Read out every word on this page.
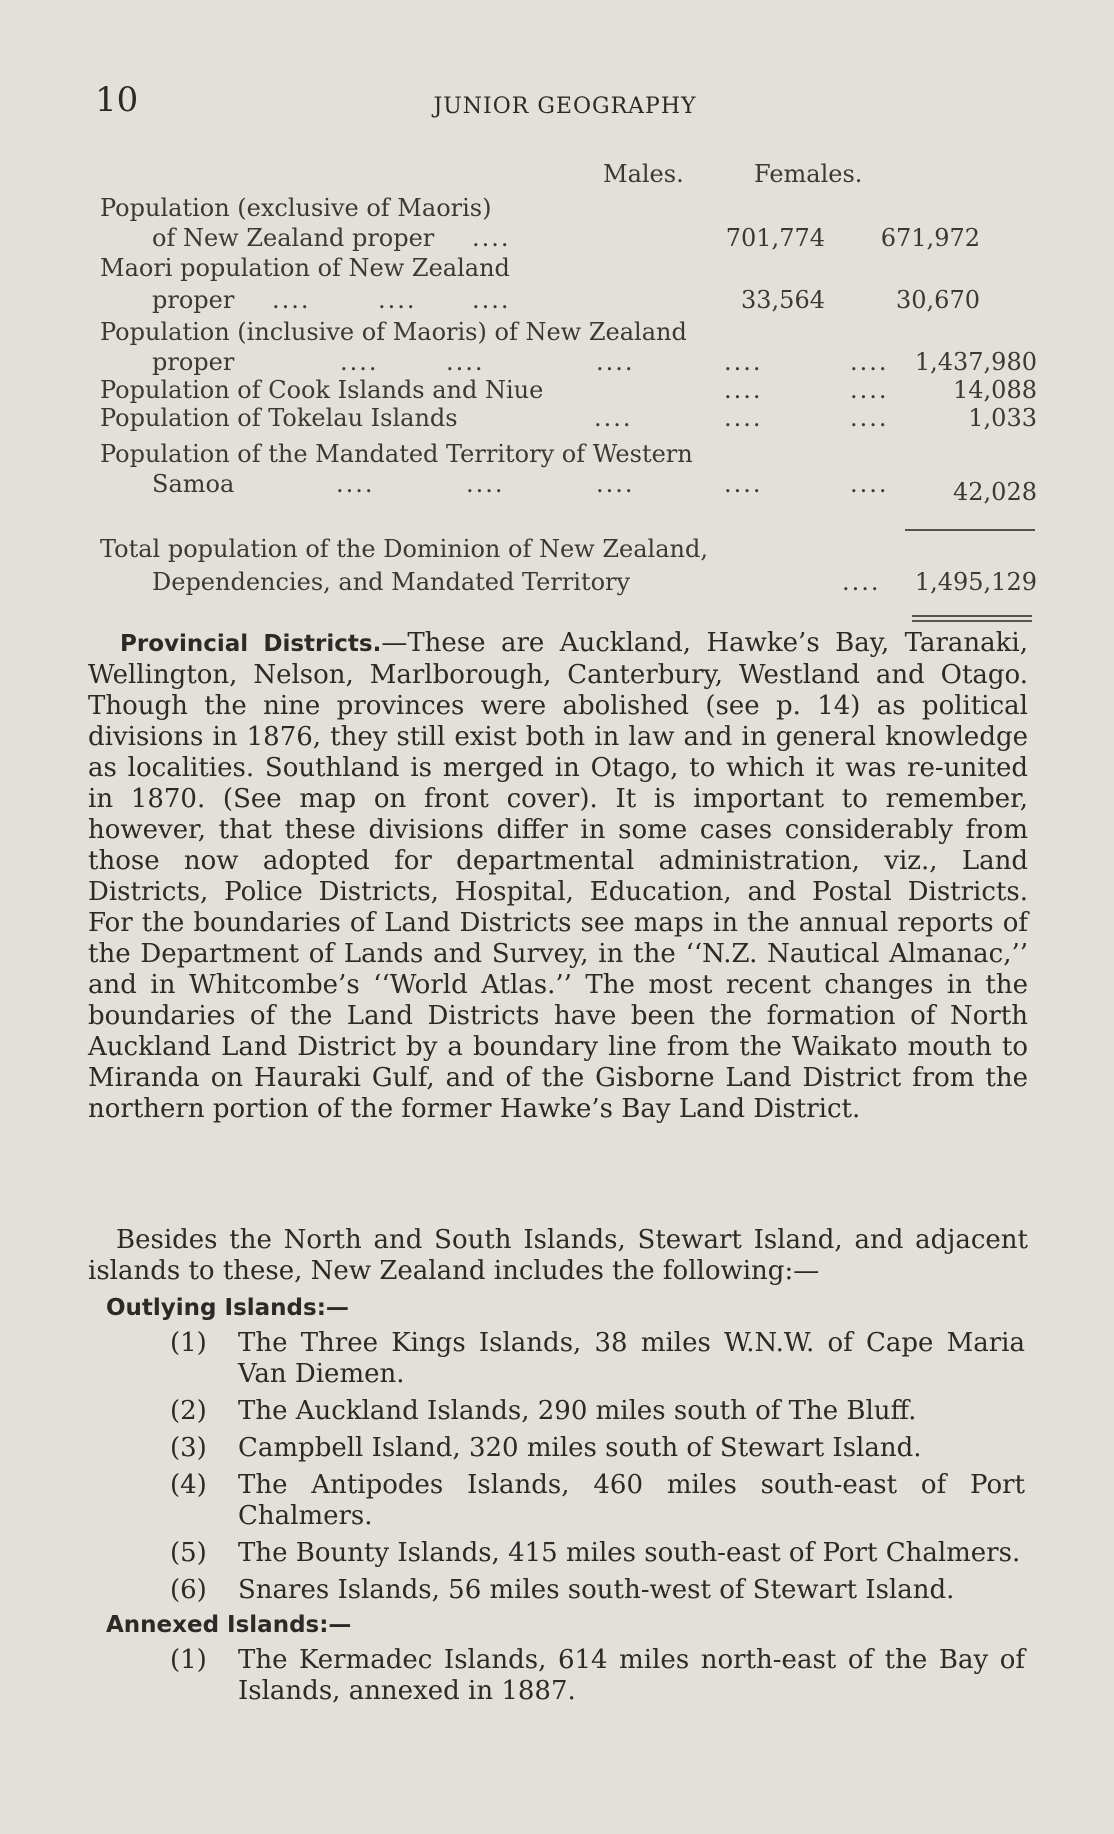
10	JUNIOR GEOGRAPHY
Males.	Females.
Population (exclusive of Maoris)
of New Zealand proper ....	701,774 671,972
Maori population of New Zealand
proper ....	.... ....	33,564	30,670
Population (inclusive of Maoris) of New Zealand
proper	....	....	....	....	.... 1,437,980
Population of Cook Islands and Niue	....	....	14,088
Population of Tokelau Islands	....	....	....	1,033
Population of the Mandated Territory of Western
Samoa	....	....	....	....	....	42,028
Total population of the Dominion of New Zealand,
Dependencies, and Mandated Territory	.... 1,495,129
Provincial Districts.—These are Auckland, Hawke’s Bay, Taranaki, Wellington, Nelson, Marlborough, Canterbury, Westland and Otago. Though the nine provinces were abolished (see p. 14) as political divisions in 1876, they still exist both in law and in general knowledge as localities. Southland is merged in Otago, to which it was re-united in 1870. (See map on front cover). It is important to remember, however, that these divisions differ in some cases considerably from those now adopted for departmental administration, viz., Land Districts, Police Districts, Hospital, Education, and Postal Districts. For the boundaries of Land Districts see maps in the annual reports of the Department of Lands and Survey, in the ‘‘N.Z. Nautical Almanac,’’ and in Whitcombe’s ‘‘World Atlas.’’ The most recent changes in the boundaries of the Land Districts have been the formation of North Auckland Land District by a boundary line from the Waikato mouth to Miranda on Hauraki Gulf, and of the Gisborne Land District from the northern portion of the former Hawke’s Bay Land District.
Besides the North and South Islands, Stewart Island, and adjacent islands to these, New Zealand includes the following:—
Outlying Islands:—
(1) The Three Kings Islands, 38 miles W.N.W. of Cape Maria Van Diemen.
(2) The Auckland Islands, 290 miles south of The Bluff.
(3) Campbell Island, 320 miles south of Stewart Island.
(4) The Antipodes Islands, 460 miles south-east of Port Chalmers.
(5) The Bounty Islands, 415 miles south-east of Port Chalmers.
(6) Snares Islands, 56 miles south-west of Stewart Island.
Annexed Islands:—
(1) The Kermadec Islands, 614 miles north-east of the Bay of Islands, annexed in 1887.
